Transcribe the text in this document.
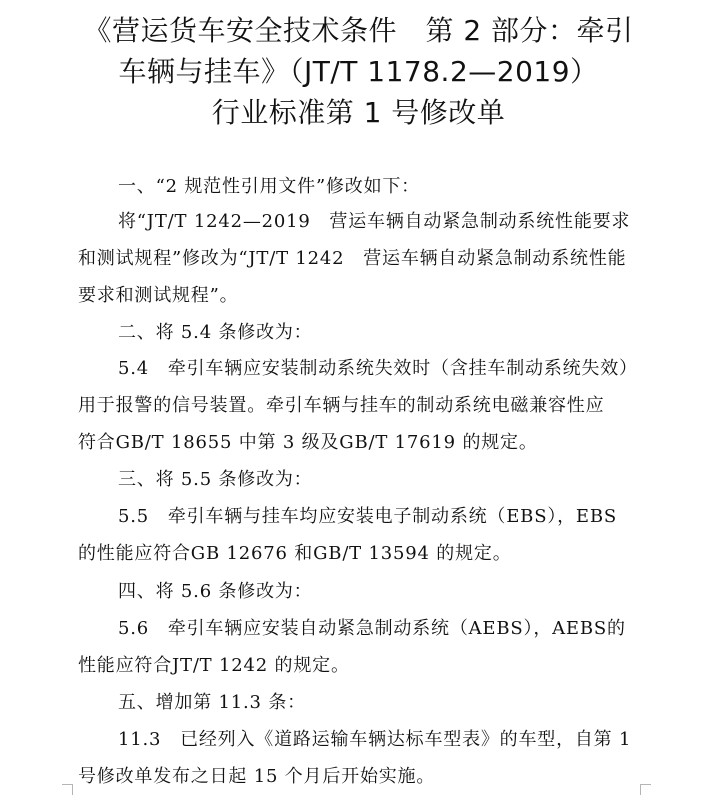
《营运货车安全技术条件　第 2 部分：牵引
车辆与挂车》（JT/T 1178.2—2019）
行业标准第 1 号修改单
一、“2 规范性引用文件”修改如下：
将“JT/T 1242—2019　营运车辆自动紧急制动系统性能要求
和测试规程”修改为“JT/T 1242　营运车辆自动紧急制动系统性能
要求和测试规程”。
二、将 5.4 条修改为：
5.4　牵引车辆应安装制动系统失效时（含挂车制动系统失效）
用于报警的信号装置。牵引车辆与挂车的制动系统电磁兼容性应
符合GB/T 18655 中第 3 级及GB/T 17619 的规定。
三、将 5.5 条修改为：
5.5　牵引车辆与挂车均应安装电子制动系统（EBS），EBS
的性能应符合GB 12676 和GB/T 13594 的规定。
四、将 5.6 条修改为：
5.6　牵引车辆应安装自动紧急制动系统（AEBS），AEBS的
性能应符合JT/T 1242 的规定。
五、增加第 11.3 条：
11.3　已经列入《道路运输车辆达标车型表》的车型，自第 1
号修改单发布之日起 15 个月后开始实施。
